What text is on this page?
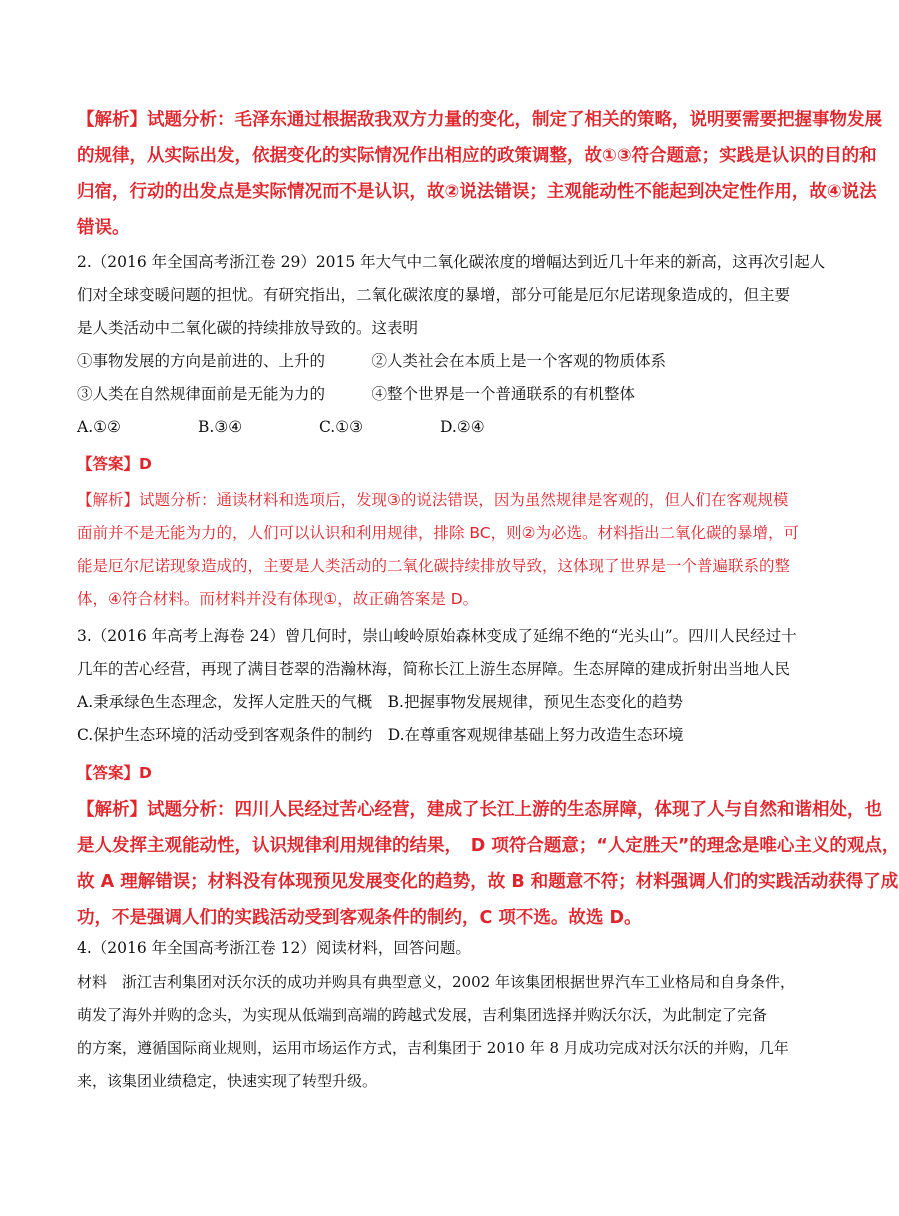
【解析】试题分析：毛泽东通过根据敌我双方力量的变化，制定了相关的策略，说明要需要把握事物发展
的规律，从实际出发，依据变化的实际情况作出相应的政策调整，故①③符合题意；实践是认识的目的和
归宿，行动的出发点是实际情况而不是认识，故②说法错误；主观能动性不能起到决定性作用，故④说法
错误。
2.（2016 年全国高考浙江卷 29）2015 年大气中二氧化碳浓度的增幅达到近几十年来的新高，这再次引起人
们对全球变暖问题的担忧。有研究指出，二氧化碳浓度的暴增，部分可能是厄尔尼诺现象造成的，但主要
是人类活动中二氧化碳的持续排放导致的。这表明
①事物发展的方向是前进的、上升的　　　②人类社会在本质上是一个客观的物质体系
③人类在自然规律面前是无能为力的　　　④整个世界是一个普通联系的有机整体
A.①②	B.③④	C.①③	D.②④
【答案】D
【解析】试题分析：通读材料和选项后，发现③的说法错误，因为虽然规律是客观的，但人们在客观规模
面前并不是无能为力的，人们可以认识和利用规律，排除 BC，则②为必选。材料指出二氧化碳的暴增，可
能是厄尔尼诺现象造成的，主要是人类活动的二氧化碳持续排放导致，这体现了世界是一个普遍联系的整
体，④符合材料。而材料并没有体现①，故正确答案是 D。
3.（2016 年高考上海卷 24）曾几何时，崇山峻岭原始森林变成了延绵不绝的“光头山”。四川人民经过十
几年的苦心经营，再现了满目苍翠的浩瀚林海，简称长江上游生态屏障。生态屏障的建成折射出当地人民
A.秉承绿色生态理念，发挥人定胜天的气概　B.把握事物发展规律，预见生态变化的趋势
C.保护生态环境的活动受到客观条件的制约　D.在尊重客观规律基础上努力改造生态环境
【答案】D
【解析】试题分析：四川人民经过苦心经营，建成了长江上游的生态屏障，体现了人与自然和谐相处，也
是人发挥主观能动性，认识规律利用规律的结果，　D 项符合题意；“人定胜天”的理念是唯心主义的观点，
故 A 理解错误；材料没有体现预见发展变化的趋势，故 B 和题意不符；材料强调人们的实践活动获得了成
功，不是强调人们的实践活动受到客观条件的制约，C 项不选。故选 D。
4.（2016 年全国高考浙江卷 12）阅读材料，回答问题。
材料　浙江吉利集团对沃尔沃的成功并购具有典型意义，2002 年该集团根据世界汽车工业格局和自身条件，
萌发了海外并购的念头，为实现从低端到高端的跨越式发展，吉利集团选择并购沃尔沃，为此制定了完备
的方案，遵循国际商业规则，运用市场运作方式，吉利集团于 2010 年 8 月成功完成对沃尔沃的并购，几年
来，该集团业绩稳定，快速实现了转型升级。
